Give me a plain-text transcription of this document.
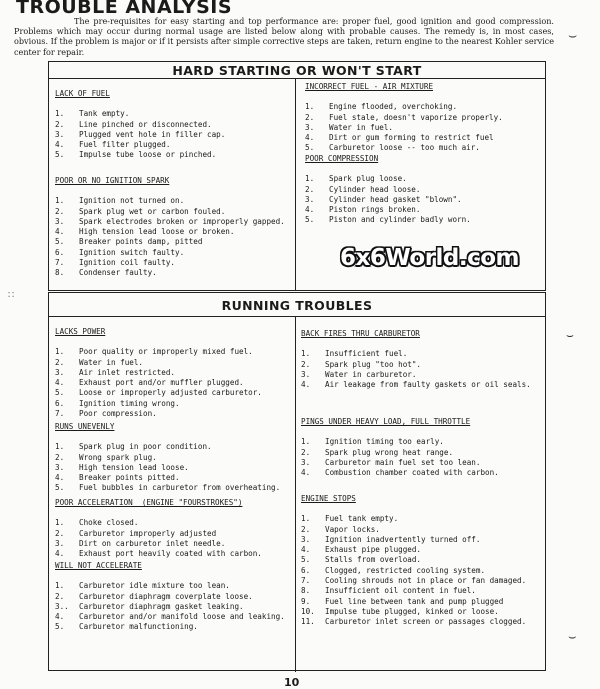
TROUBLE ANALYSIS
The pre-requisites for easy starting and top performance are: proper fuel, good ignition and good compression. Problems which may occur during normal usage are listed below along with probable causes. The remedy is, in most cases, obvious. If the problem is major or if it persists after simple corrective steps are taken, return engine to the nearest Kohler service center for repair.
HARD STARTING OR WON'T START
LACK OF FUEL
1. Tank empty.
2. Line pinched or disconnected.
3. Plugged vent hole in filler cap.
4. Fuel filter plugged.
5. Impulse tube loose or pinched.
POOR OR NO IGNITION SPARK
1. Ignition not turned on.
2. Spark plug wet or carbon fouled.
3. Spark electrodes broken or improperly gapped.
4. High tension lead loose or broken.
5. Breaker points damp, pitted
6. Ignition switch faulty.
7. Ignition coil faulty.
8. Condenser faulty.
INCORRECT FUEL - AIR MIXTURE
1. Engine flooded, overchoking.
2. Fuel stale, doesn't vaporize properly.
3. Water in fuel.
4. Dirt or gum forming to restrict fuel
5. Carburetor loose -- too much air.
POOR COMPRESSION
1. Spark plug loose.
2. Cylinder head loose.
3. Cylinder head gasket "blown".
4. Piston rings broken.
5. Piston and cylinder badly worn.
RUNNING TROUBLES
LACKS POWER
1. Poor quality or improperly mixed fuel.
2. Water in fuel.
3. Air inlet restricted.
4. Exhaust port and/or muffler plugged.
5. Loose or improperly adjusted carburetor.
6. Ignition timing wrong.
7. Poor compression.
RUNS UNEVENLY
1. Spark plug in poor condition.
2. Wrong spark plug.
3. High tension lead loose.
4. Breaker points pitted.
5. Fuel bubbles in carburetor from overheating.
POOR ACCELERATION  (ENGINE "FOURSTROKES")
1. Choke closed.
2. Carburetor improperly adjusted
3. Dirt on carburetor inlet needle.
4. Exhaust port heavily coated with carbon.
WILL NOT ACCELERATE
1. Carburetor idle mixture too lean.
2. Carburetor diaphragm coverplate loose.
3.. Carburetor diaphragm gasket leaking.
4. Carburetor and/or manifold loose and leaking.
5. Carburetor malfunctioning.
BACK FIRES THRU CARBURETOR
1. Insufficient fuel.
2. Spark plug "too hot".
3. Water in carburetor.
4. Air leakage from faulty gaskets or oil seals.
PINGS UNDER HEAVY LOAD, FULL THROTTLE
1. Ignition timing too early.
2. Spark plug wrong heat range.
3. Carburetor main fuel set too lean.
4. Combustion chamber coated with carbon.
ENGINE STOPS
1. Fuel tank empty.
2. Vapor locks.
3. Ignition inadvertently turned off.
4. Exhaust pipe plugged.
5. Stalls from overload.
6. Clogged, restricted cooling system.
7. Cooling shrouds not in place or fan damaged.
8. Insufficient oil content in fuel.
9. Fuel line between tank and pump plugged
10. Impulse tube plugged, kinked or loose.
11. Carburetor inlet screen or passages clogged.
6x6World.com
10
⌣
⌣
⌣
∷
